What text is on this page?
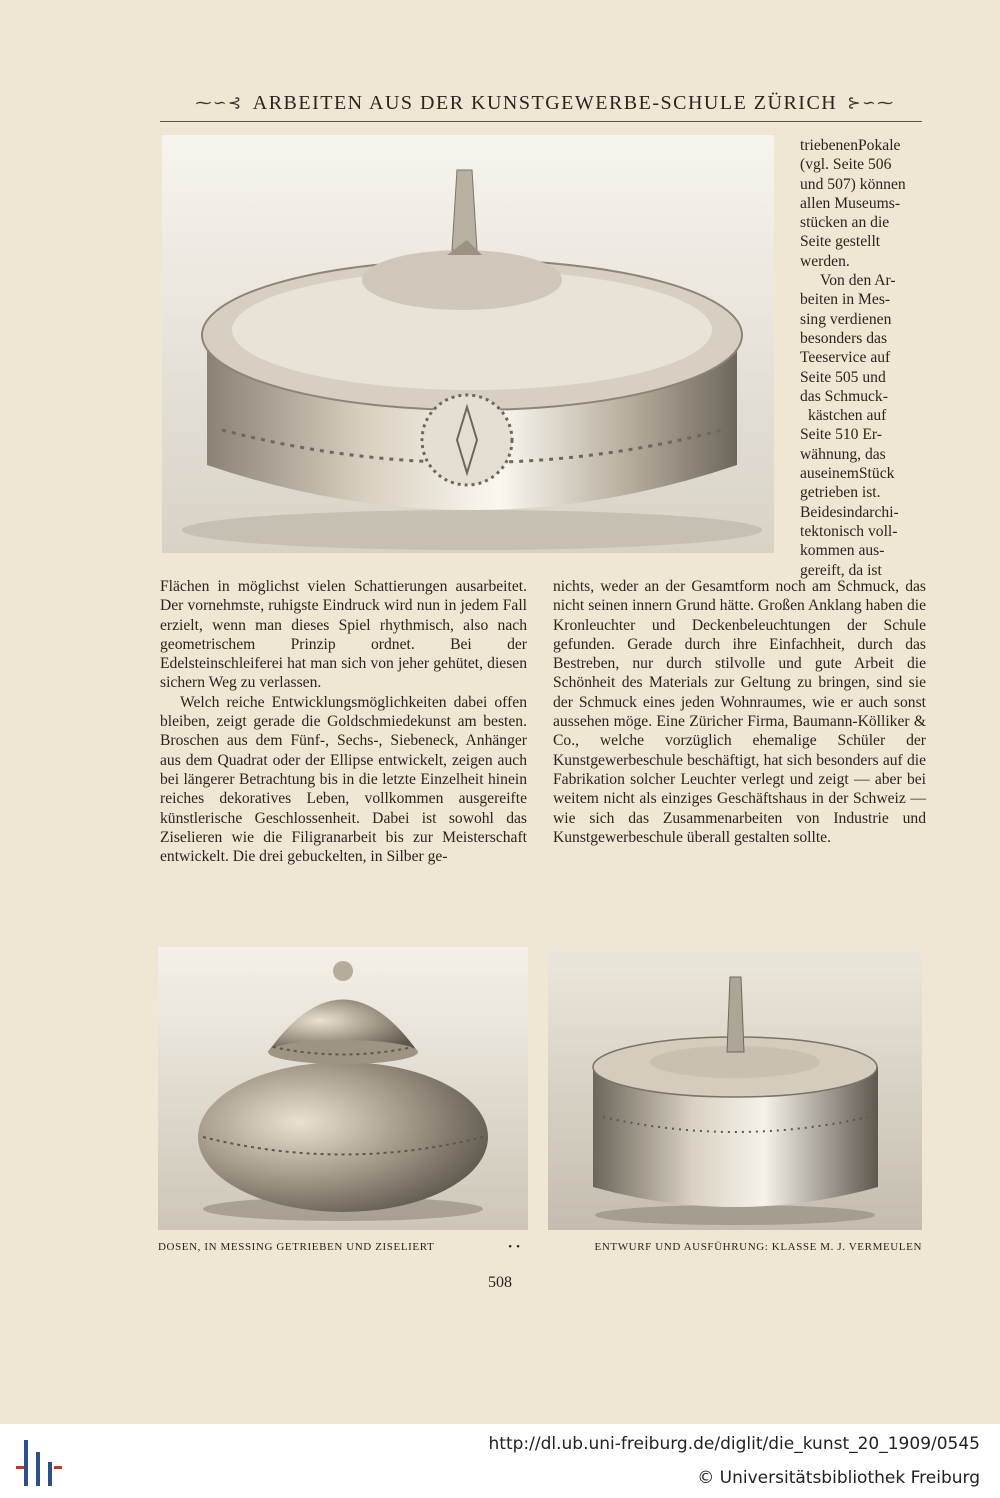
⁓∽⊰ ARBEITEN AUS DER KUNSTGEWERBE-SCHULE ZÜRICH ⊱∽⁓
triebenenPokale
(vgl. Seite 506
und 507) können
allen Museums-
stücken an die
Seite gestellt
werden.
Von den Ar-
beiten in Mes-
sing verdienen
besonders das
Teeservice auf
Seite 505 und
das Schmuck-
kästchen auf
Seite 510 Er-
wähnung, das
auseinemStück
getrieben ist.
Beidesindarchi-
tektonisch voll-
kommen aus-
gereift, da ist

Flächen in möglichst vielen Schattierungen ausarbeitet. Der vornehmste, ruhigste Eindruck wird nun in jedem Fall erzielt, wenn man dieses Spiel rhythmisch, also nach geometrischem Prinzip ordnet. Bei der Edelsteinschleiferei hat man sich von jeher gehütet, diesen sichern Weg zu verlassen.

Welch reiche Entwicklungsmöglichkeiten dabei offen bleiben, zeigt gerade die Goldschmiedekunst am besten. Broschen aus dem Fünf-, Sechs-, Siebeneck, Anhänger aus dem Quadrat oder der Ellipse entwickelt, zeigen auch bei längerer Betrachtung bis in die letzte Einzelheit hinein reiches dekoratives Leben, vollkommen ausgereifte künstlerische Geschlossenheit. Dabei ist sowohl das Ziselieren wie die Filigranarbeit bis zur Meisterschaft entwickelt. Die drei gebuckelten, in Silber ge-

nichts, weder an der Gesamtform noch am Schmuck, das nicht seinen innern Grund hätte. Großen Anklang haben die Kronleuchter und Deckenbeleuchtungen der Schule gefunden. Gerade durch ihre Einfachheit, durch das Bestreben, nur durch stilvolle und gute Arbeit die Schönheit des Materials zur Geltung zu bringen, sind sie der Schmuck eines jeden Wohnraumes, wie er auch sonst aussehen möge. Eine Züricher Firma, Baumann-Kölliker & Co., welche vorzüglich ehemalige Schüler der Kunstgewerbeschule beschäftigt, hat sich besonders auf die Fabrikation solcher Leuchter verlegt und zeigt — aber bei weitem nicht als einziges Geschäftshaus in der Schweiz — wie sich das Zusammenarbeiten von Industrie und Kunstgewerbeschule überall gestalten sollte.

DOSEN, IN MESSING GETRIEBEN UND ZISELIERT	• •	ENTWURF UND AUSFÜHRUNG: KLASSE M. J. VERMEULEN
508
http://dl.ub.uni-freiburg.de/diglit/die_kunst_20_1909/0545
© Universitätsbibliothek Freiburg
